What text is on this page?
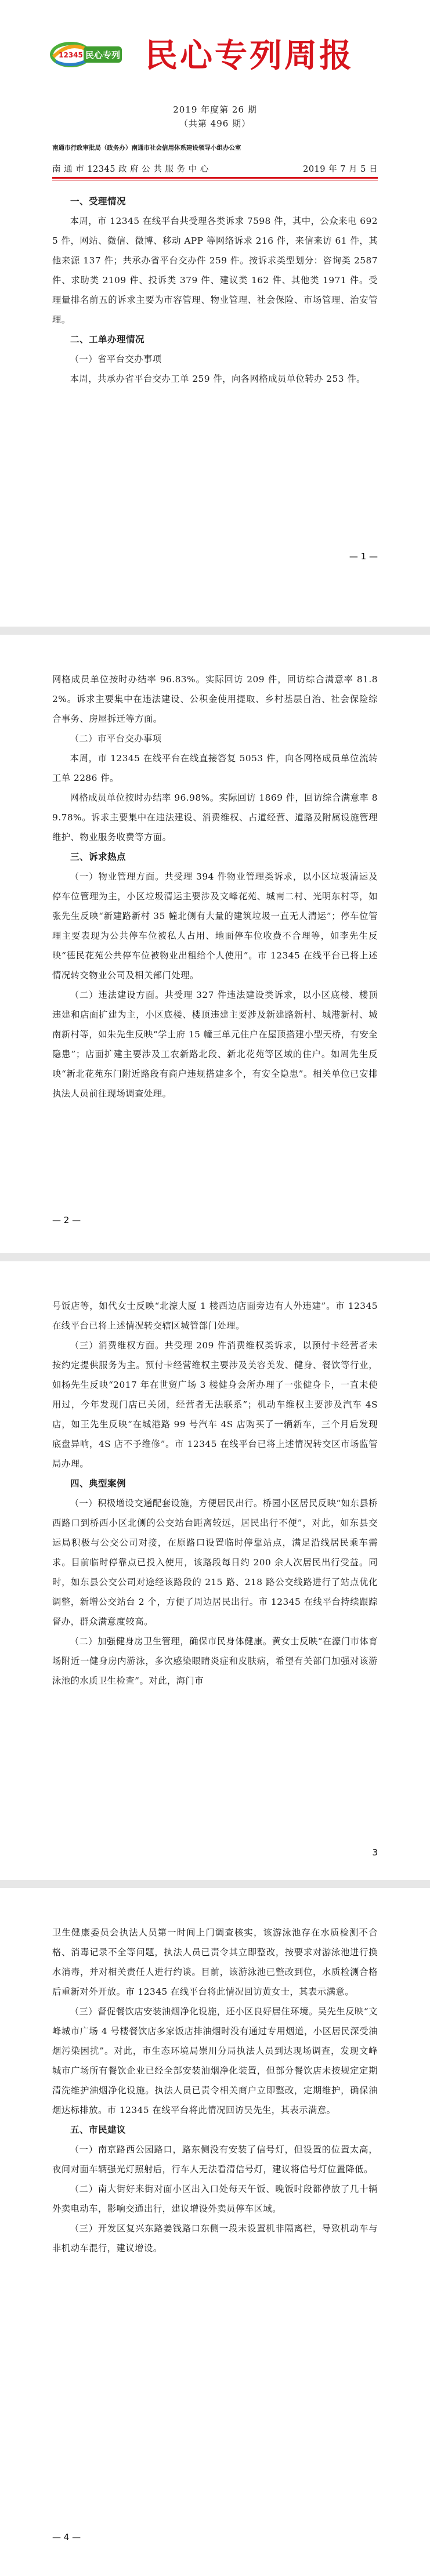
民心专列
12345 民心专列周报
2019 年度第 26 期
（共第 496 期）
南通市行政审批局（政务办）南通市社会信用体系建设领导小组办公室
南 通 市 12345 政 府 公 共 服 务 中 心	2019 年 7 月 5 日

一、受理情况

本周，市 12345 在线平台共受理各类诉求 7598 件，其中，公众来电 6925 件，网站、微信、微博、移动 APP 等网络诉求 216 件，来信来访 61 件，其他来源 137 件；共承办省平台交办件 259 件。按诉求类型划分：咨询类 2587 件、求助类 2109 件、投诉类 379 件、建议类 162 件、其他类 1971 件。受理量排名前五的诉求主要为市容管理、物业管理、社会保险、市场管理、治安管理。

二、工单办理情况

（一）省平台交办事项

本周，共承办省平台交办工单 259 件，向各网格成员单位转办 253 件。

— 1 —

网格成员单位按时办结率 96.83%。实际回访 209 件，回访综合满意率 81.82%。诉求主要集中在违法建设、公积金使用提取、乡村基层自治、社会保险综合事务、房屋拆迁等方面。

（二）市平台交办事项

本周，市 12345 在线平台在线直接答复 5053 件，向各网格成员单位流转工单 2286 件。

网格成员单位按时办结率 96.98%。实际回访 1869 件，回访综合满意率 89.78%。诉求主要集中在违法建设、消费维权、占道经营、道路及附属设施管理维护、物业服务收费等方面。

三、诉求热点

（一）物业管理方面。共受理 394 件物业管理类诉求，以小区垃圾清运及停车位管理为主，小区垃圾清运主要涉及文峰花苑、城南二村、光明东村等，如张先生反映“新建路新村 35 幢北侧有大量的建筑垃圾一直无人清运”；停车位管理主要表现为公共停车位被私人占用、地面停车位收费不合理等，如李先生反映“德民花苑公共停车位被物业出租给个人使用”。市 12345 在线平台已将上述情况转交物业公司及相关部门处理。

（二）违法建设方面。共受理 327 件违法建设类诉求，以小区底楼、楼顶违建和店面扩建为主，小区底楼、楼顶违建主要涉及新建路新村、城港新村、城南新村等，如朱先生反映“学士府 15 幢三单元住户在屋顶搭建小型天桥，有安全隐患”；店面扩建主要涉及工农新路北段、新北花苑等区域的住户。如周先生反映“新北花苑东门附近路段有商户违规搭建多个，有安全隐患”。相关单位已安排执法人员前往现场调查处理。

— 2 —

号饭店等，如代女士反映“北濠大厦 1 楼西边店面旁边有人外违建”。市 12345 在线平台已将上述情况转交辖区城管部门处理。

（三）消费维权方面。共受理 209 件消费维权类诉求，以预付卡经营者未按约定提供服务为主。预付卡经营维权主要涉及美容美发、健身、餐饮等行业，如杨先生反映“2017 年在世贸广场 3 楼健身会所办理了一张健身卡，一直未使用过，今年发现门店已关闭，经营者无法联系”；机动车维权主要涉及汽车 4S 店，如王先生反映“在城港路 99 号汽车 4S 店购买了一辆新车，三个月后发现底盘异响，4S 店不予维修”。市 12345 在线平台已将上述情况转交区市场监管局办理。

四、典型案例

（一）积极增设交通配套设施，方便居民出行。桥园小区居民反映“如东县桥西路口到桥西小区北侧的公交站台距离较远，居民出行不便”，对此，如东县交运局积极与公交公司对接，在原路口设置临时停靠站点，满足沿线居民乘车需求。目前临时停靠点已投入使用，该路段每日约 200 余人次居民出行受益。同时，如东县公交公司对途经该路段的 215 路、218 路公交线路进行了站点优化调整，新增公交站台 2 个，方便了周边居民出行。市 12345 在线平台持续跟踪督办，群众满意度较高。

（二）加强健身房卫生管理，确保市民身体健康。黄女士反映“在濠门市体育场附近一健身房内游泳，多次感染眼睛炎症和皮肤病，希望有关部门加强对该游泳池的水质卫生检查”。对此，海门市

3

卫生健康委员会执法人员第一时间上门调查核实，该游泳池存在水质检测不合格、消毒记录不全等问题，执法人员已责令其立即整改，按要求对游泳池进行换水消毒，并对相关责任人进行约谈。目前，该游泳池已整改到位，水质检测合格后重新对外开放。市 12345 在线平台将此情况回访黄女士，其表示满意。

（三）督促餐饮店安装油烟净化设施，还小区良好居住环境。吴先生反映“文峰城市广场 4 号楼餐饮店多家饭店排油烟时没有通过专用烟道，小区居民深受油烟污染困扰”。对此，市生态环境局崇川分局执法人员到达现场调查，发现文峰城市广场所有餐饮企业已经全部安装油烟净化装置，但部分餐饮店未按规定定期清洗维护油烟净化设施。执法人员已责令相关商户立即整改，定期维护，确保油烟达标排放。市 12345 在线平台将此情况回访吴先生，其表示满意。

五、市民建议

（一）南京路西公园路口，路东侧没有安装了信号灯，但设置的位置太高，夜间对面车辆强光灯照射后，行车人无法看清信号灯，建议将信号灯位置降低。

（二）南大街好来街对面小区出入口处每天午饭、晚饭时段都停放了几十辆外卖电动车，影响交通出行，建议增设外卖员停车区域。

（三）开发区复兴东路姜钱路口东侧一段未设置机非隔离栏，导致机动车与非机动车混行，建议增设。

— 4 —
